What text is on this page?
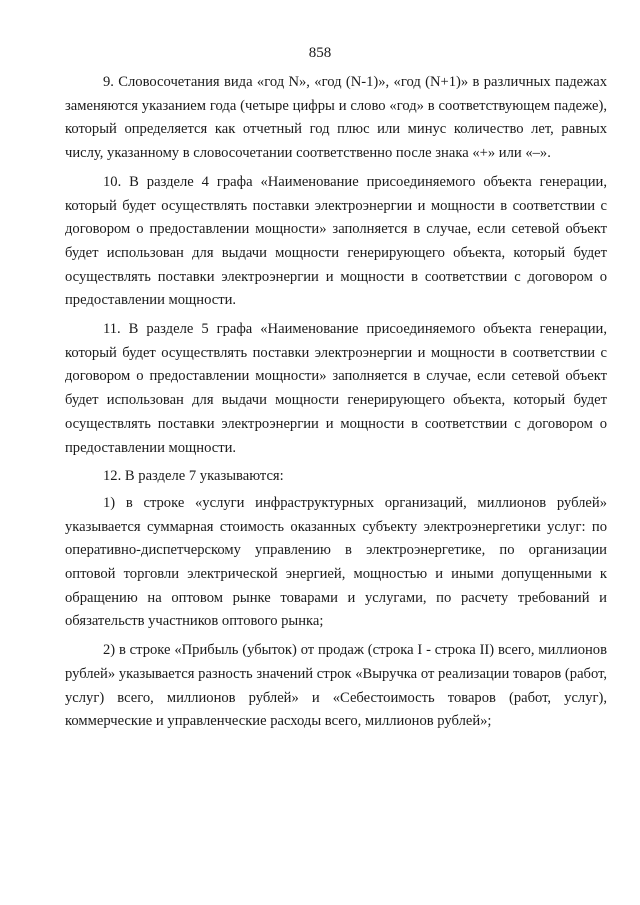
858

9. Словосочетания вида «год N», «год (N-1)», «год (N+1)» в различных падежах заменяются указанием года (четыре цифры и слово «год» в соответствующем падеже), который определяется как отчетный год плюс или минус количество лет, равных числу, указанному в словосочетании соответственно после знака «+» или «–».

10. В разделе 4 графа «Наименование присоединяемого объекта генерации, который будет осуществлять поставки электроэнергии и мощности в соответствии с договором о предоставлении мощности» заполняется в случае, если сетевой объект будет использован для выдачи мощности генерирующего объекта, который будет осуществлять поставки электроэнергии и мощности в соответствии с договором о предоставлении мощности.

11. В разделе 5 графа «Наименование присоединяемого объекта генерации, который будет осуществлять поставки электроэнергии и мощности в соответствии с договором о предоставлении мощности» заполняется в случае, если сетевой объект будет использован для выдачи мощности генерирующего объекта, который будет осуществлять поставки электроэнергии и мощности в соответствии с договором о предоставлении мощности.

12. В разделе 7 указываются:

1) в строке «услуги инфраструктурных организаций, миллионов рублей» указывается суммарная стоимость оказанных субъекту электроэнергетики услуг: по оперативно-диспетчерскому управлению в электроэнергетике, по организации оптовой торговли электрической энергией, мощностью и иными допущенными к обращению на оптовом рынке товарами и услугами, по расчету требований и обязательств участников оптового рынка;

2) в строке «Прибыль (убыток) от продаж (строка I - строка II) всего, миллионов рублей» указывается разность значений строк «Выручка от реализации товаров (работ, услуг) всего, миллионов рублей» и «Себестоимость товаров (работ, услуг), коммерческие и управленческие расходы всего, миллионов рублей»;
